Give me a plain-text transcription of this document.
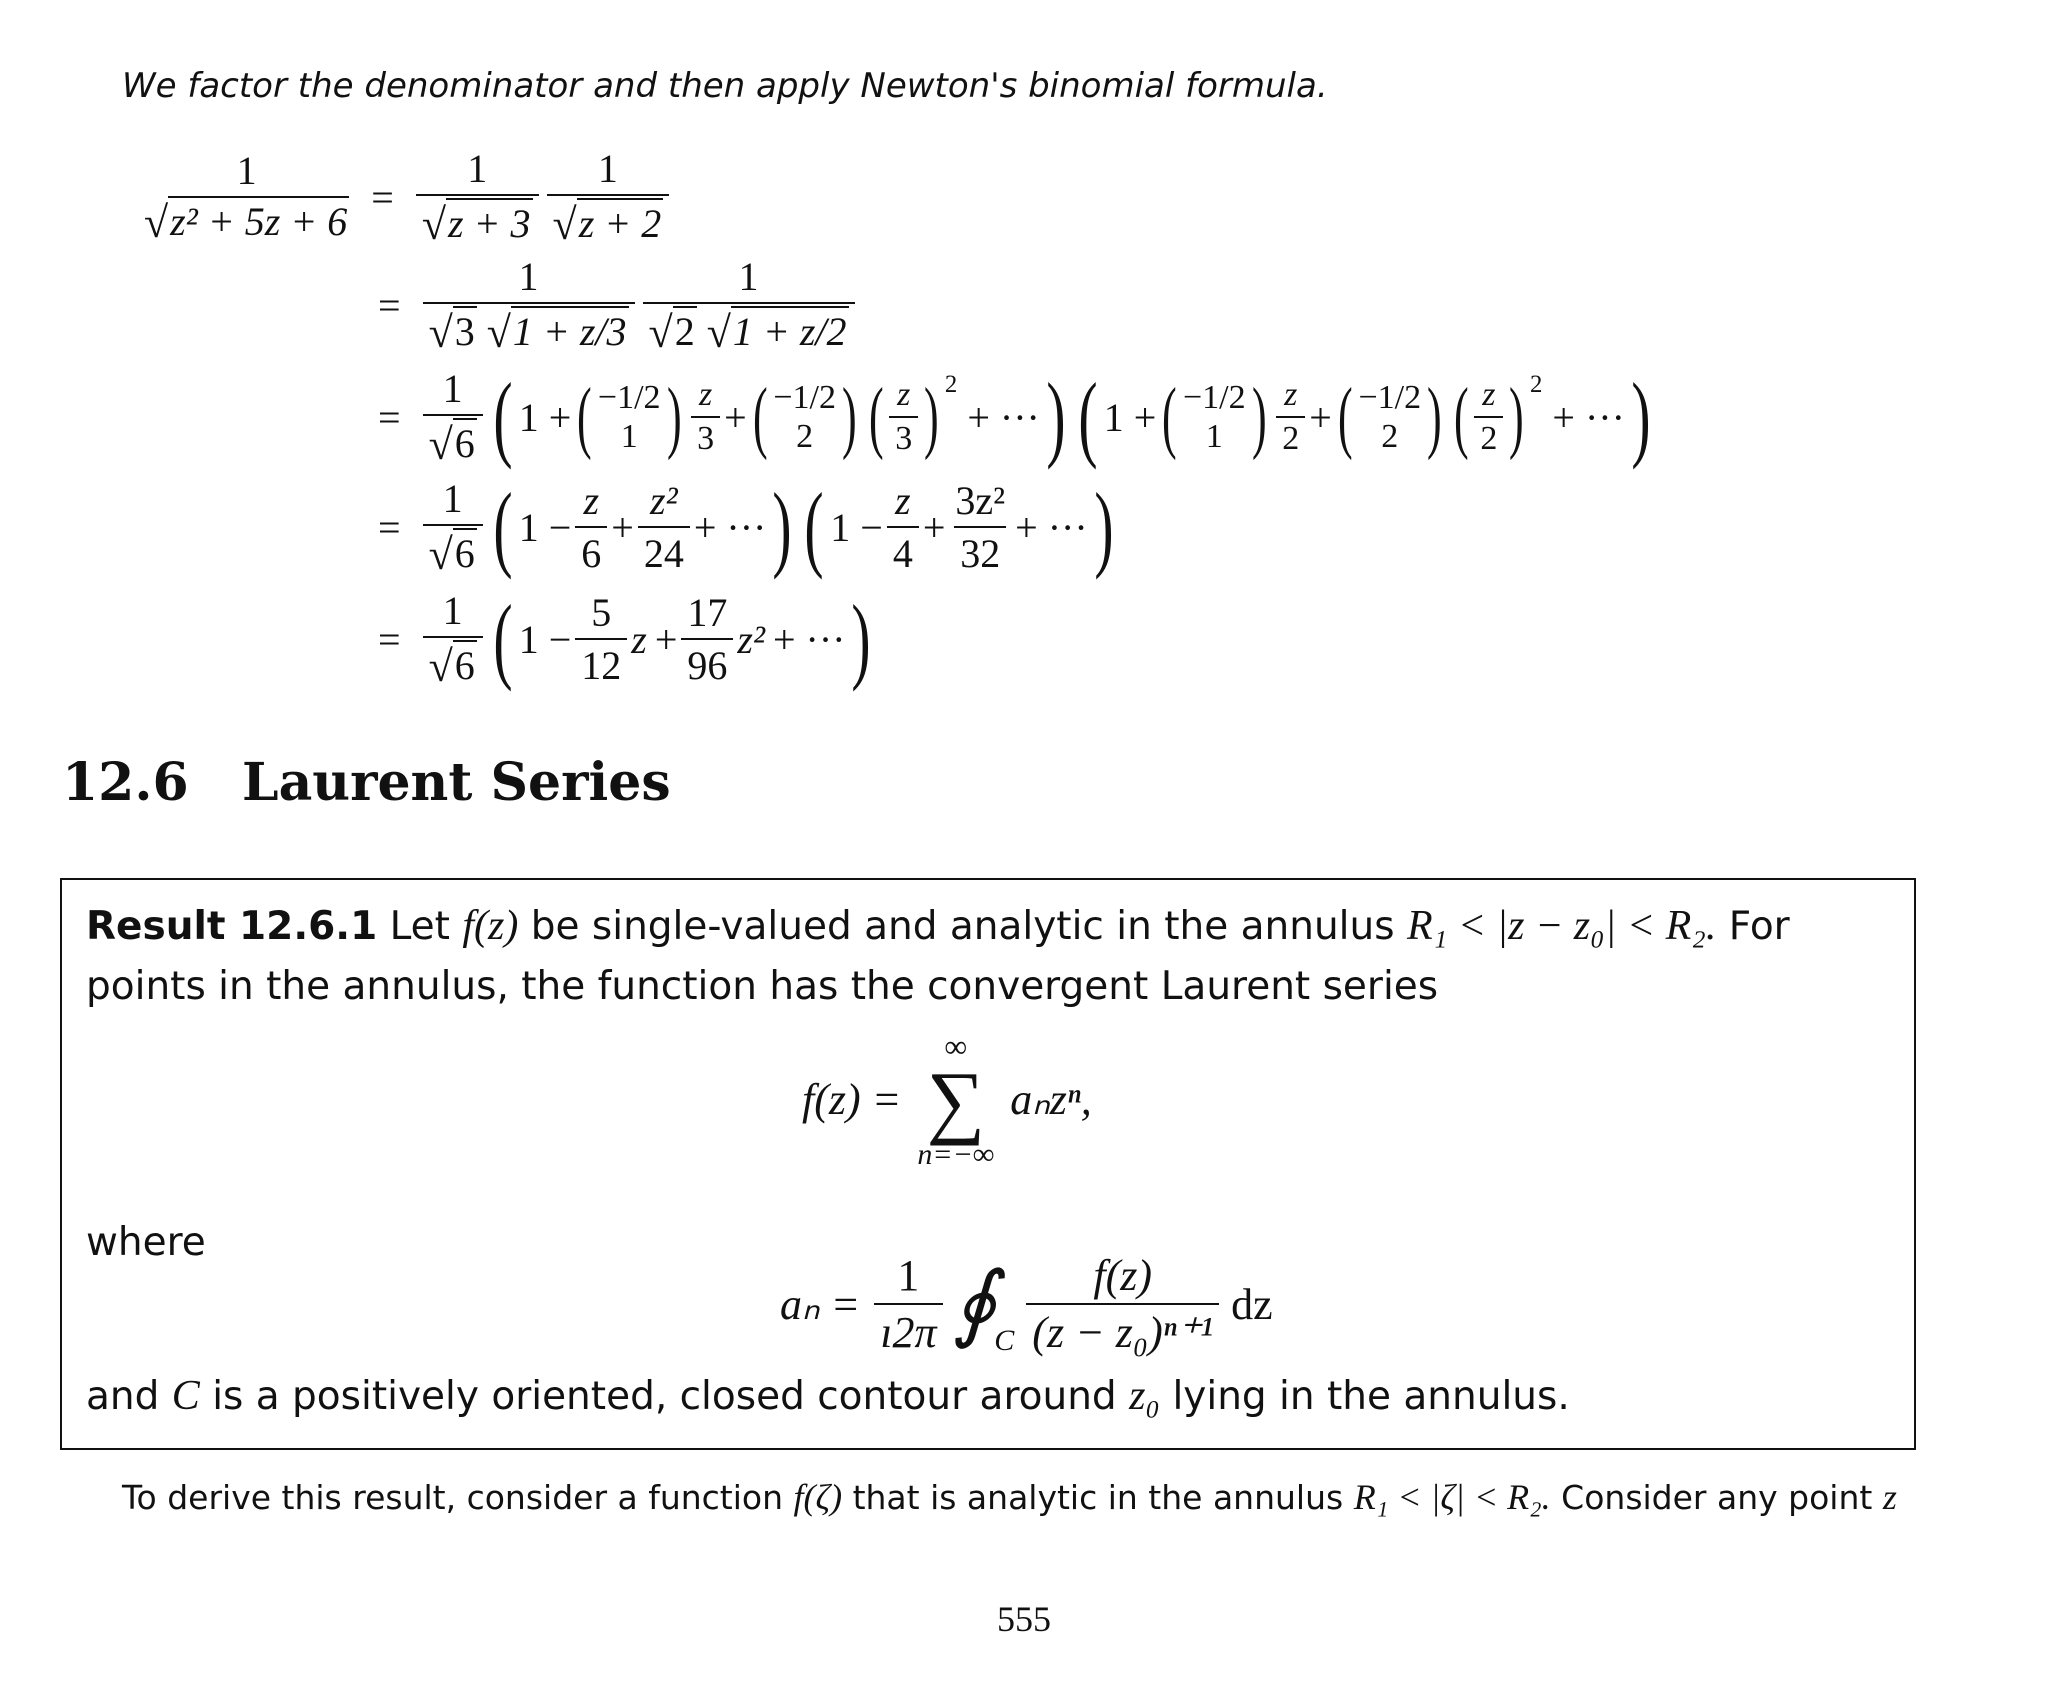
We factor the denominator and then apply Newton's binomial formula.
1
√ z² + 5z + 6
= $\frac{1}{√ z + 3} \frac{1}{√ z + 2}$
= 1
√ 3
√ 1 + z/3 1
√ 2
√ 1 + z/2
= $\frac{1}{√ 6}$ ( 1 + ( −1/2
1 ) $\frac{z}{3}$ + ( −1/2
2 ) ( $\frac{z}{3} )^2$
+ ··· ) ( 1 + ( −1/2
1 ) $\frac{z}{2}$ + ( −1/2
2 ) ( $\frac{z}{2} )^2$
+ ··· )
= $\frac{1}{√ 6}$ ( $1 - \frac{z}{6} + \frac{\text{z²}}{24}$ + ··· ) ( $1 - \frac{z}{4} + \frac{\text{3z²}}{32}$ + ··· )
= $\frac{1}{√ 6}$ ( $1 - \frac{5}{12}$ $z + \frac{17}{96} z^2$ + ··· )
12.6 Laurent Series
Result 12.6.1 Let f(z) be single-valued and analytic in the annulus R₁ < |z − z₀| < R₂. For points in the annulus, the function has the convergent Laurent series
f(z) =
∞
∑
n=−∞
aₙzⁿ,
where
$a_n = \frac{1}{ı2\pi}$ ∮
C $\frac{f(z)}{\text{(z − z₀)ⁿ⁺¹}}$ dz
and C is a positively oriented, closed contour around z₀ lying in the annulus.
To derive this result, consider a function f(ζ) that is analytic in the annulus R₁ < |ζ| < R₂. Consider any point z
555
